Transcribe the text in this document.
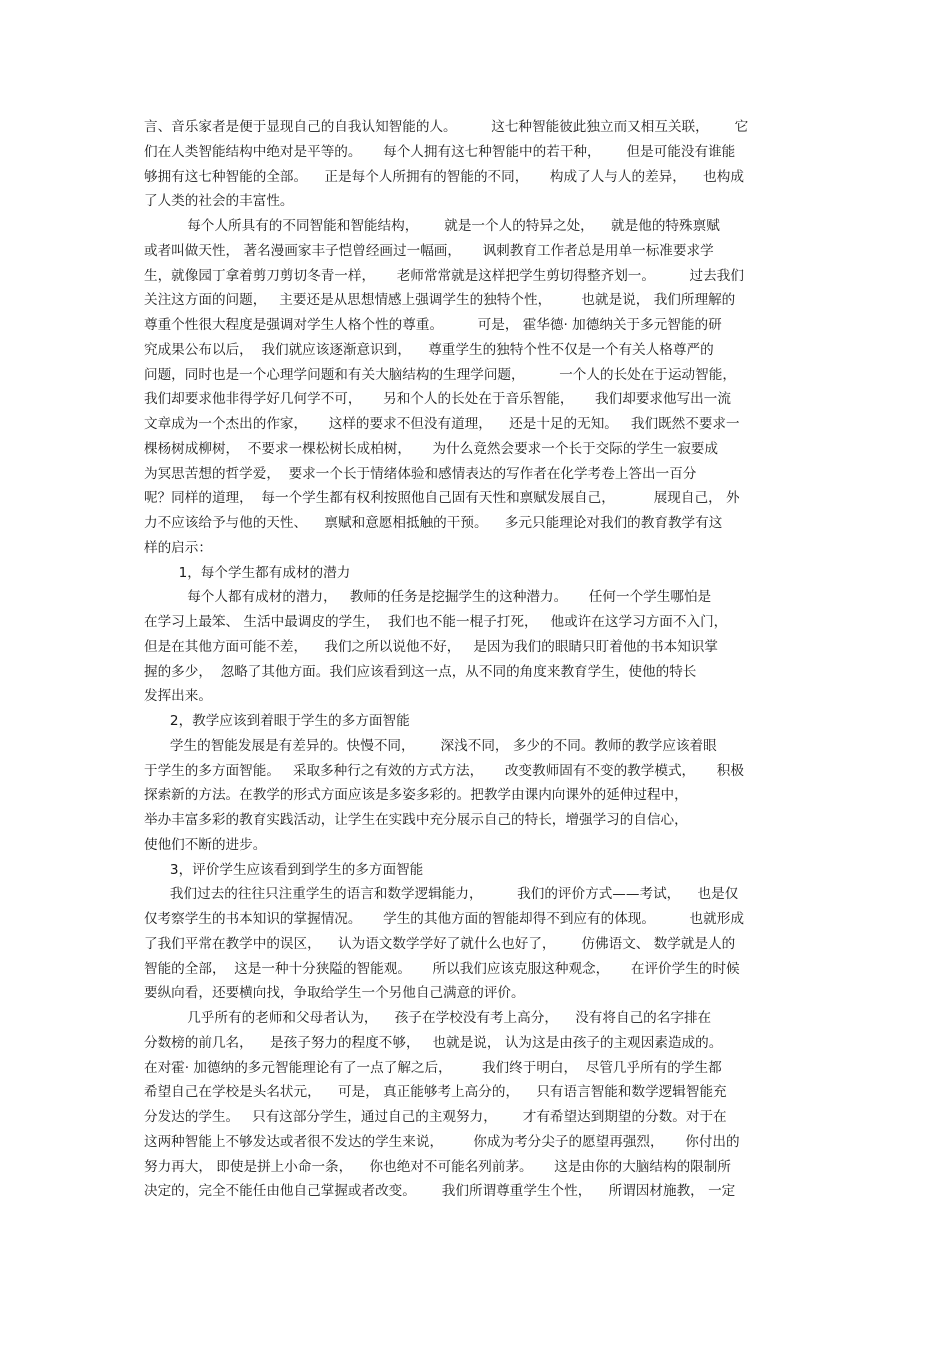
言、音乐家者是便于显现自己的自我认知智能的人。        这七种智能彼此独立而又相互关联，      它
们在人类智能结构中绝对是平等的。     每个人拥有这七种智能中的若干种，      但是可能没有谁能
够拥有这七种智能的全部。    正是每个人所拥有的智能的不同，     构成了人与人的差异，    也构成
了人类的社会的丰富性。
每个人所具有的不同智能和智能结构，      就是一个人的特异之处，    就是他的特殊禀赋
或者叫做天性， 著名漫画家丰子恺曾经画过一幅画，     讽刺教育工作者总是用单一标准要求学
生，就像园丁拿着剪刀剪切冬青一样，     老师常常就是这样把学生剪切得整齐划一。        过去我们
关注这方面的问题，   主要还是从思想情感上强调学生的独特个性，       也就是说， 我们所理解的
尊重个性很大程度是强调对学生人格个性的尊重。        可是， 霍华德· 加德纳关于多元智能的研
究成果公布以后，  我们就应该逐渐意识到，    尊重学生的独特个性不仅是一个有关人格尊严的
问题，同时也是一个心理学问题和有关大脑结构的生理学问题，        一个人的长处在于运动智能，
我们却要求他非得学好几何学不可，     另和个人的长处在于音乐智能，     我们却要求他写出一流
文章成为一个杰出的作家，     这样的要求不但没有道理，    还是十足的无知。   我们既然不要求一
棵杨树成柳树，  不要求一棵松树长成柏树，     为什么竟然会要求一个长于交际的学生一寂要成
为冥思苦想的哲学爱，  要求一个长于情绪体验和感情表达的写作者在化学考卷上答出一百分
呢？同样的道理，  每一个学生都有权利按照他自己固有天性和禀赋发展自己，         展现自己， 外
力不应该给予与他的天性、    禀赋和意愿相抵触的干预。    多元只能理论对我们的教育教学有这
样的启示：
1，每个学生都有成材的潜力
每个人都有成材的潜力，   教师的任务是挖掘学生的这种潜力。     任何一个学生哪怕是
在学习上最笨、 生活中最调皮的学生，  我们也不能一棍子打死，   他或许在这学习方面不入门，
但是在其他方面可能不差，    我们之所以说他不好，   是因为我们的眼睛只盯着他的书本知识掌
握的多少，  忽略了其他方面。我们应该看到这一点，从不同的角度来教育学生，使他的特长
发挥出来。
2，教学应该到着眼于学生的多方面智能
学生的智能发展是有差异的。快慢不同，      深浅不同， 多少的不同。教师的教学应该着眼
于学生的多方面智能。   采取多种行之有效的方式方法，     改变教师固有不变的教学模式，     积极
探索新的方法。在教学的形式方面应该是多姿多彩的。把教学由课内向课外的延伸过程中，
举办丰富多彩的教育实践活动，让学生在实践中充分展示自己的特长，增强学习的自信心，
使他们不断的进步。
3，评价学生应该看到到学生的多方面智能
我们过去的往往只注重学生的语言和数学逻辑能力，        我们的评价方式——考试，    也是仅
仅考察学生的书本知识的掌握情况。     学生的其他方面的智能却得不到应有的体现。        也就形成
了我们平常在教学中的误区，    认为语文数学学好了就什么也好了，      仿佛语文、 数学就是人的
智能的全部，  这是一种十分狭隘的智能观。     所以我们应该克服这种观念，     在评价学生的时候
要纵向看，还要横向找，争取给学生一个另他自己满意的评价。
几乎所有的老师和父母者认为，    孩子在学校没有考上高分，    没有将自己的名字排在
分数榜的前几名，    是孩子努力的程度不够，   也就是说， 认为这是由孩子的主观因素造成的。
在对霍· 加德纳的多元智能理论有了一点了解之后，       我们终于明白，  尽管几乎所有的学生都
希望自己在学校是头名状元，    可是， 真正能够考上高分的，    只有语言智能和数学逻辑智能充
分发达的学生。   只有这部分学生，通过自己的主观努力，      才有希望达到期望的分数。对于在
这两种智能上不够发达或者很不发达的学生来说，       你成为考分尖子的愿望再强烈，     你付出的
努力再大， 即使是拼上小命一条，    你也绝对不可能名列前茅。     这是由你的大脑结构的限制所
决定的，完全不能任由他自己掌握或者改变。      我们所谓尊重学生个性，    所谓因材施教， 一定
